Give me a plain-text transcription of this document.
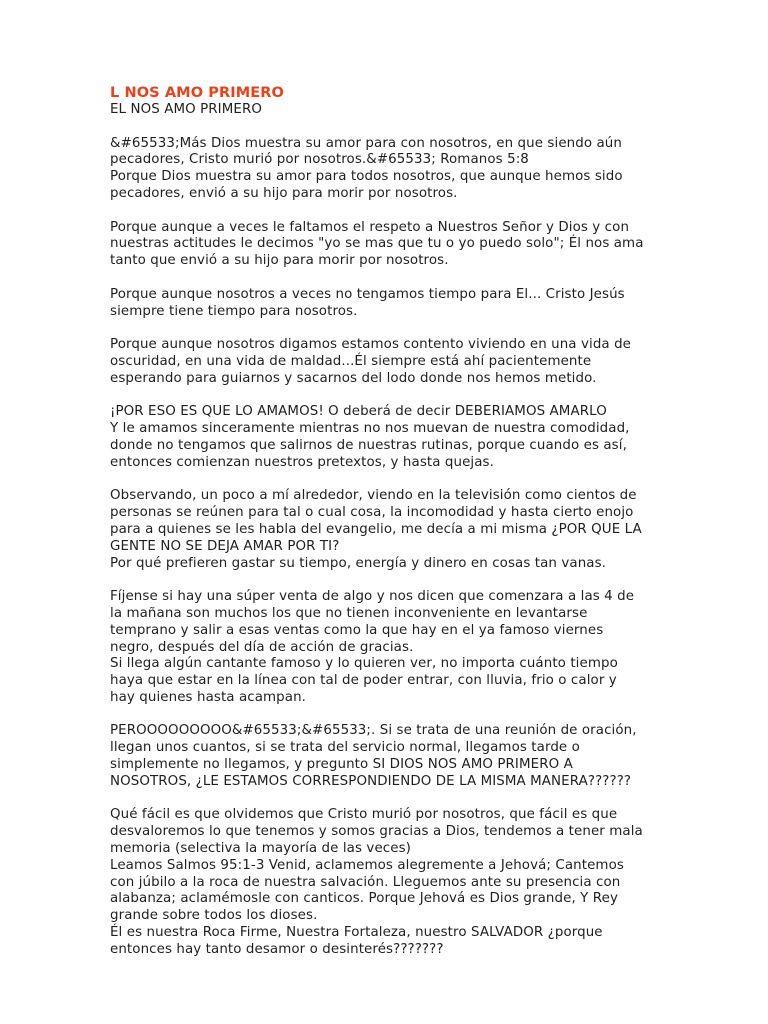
L NOS AMO PRIMERO

EL NOS AMO PRIMERO

&#65533;Más Dios muestra su amor para con nosotros, en que siendo aún
pecadores, Cristo murió por nosotros.&#65533; Romanos 5:8
Porque Dios muestra su amor para todos nosotros, que aunque hemos sido
pecadores, envió a su hijo para morir por nosotros.

Porque aunque a veces le faltamos el respeto a Nuestros Señor y Dios y con
nuestras actitudes le decimos "yo se mas que tu o yo puedo solo"; Él nos ama
tanto que envió a su hijo para morir por nosotros.

Porque aunque nosotros a veces no tengamos tiempo para El... Cristo Jesús
siempre tiene tiempo para nosotros.

Porque aunque nosotros digamos estamos contento viviendo en una vida de
oscuridad, en una vida de maldad...Él siempre está ahí pacientemente
esperando para guiarnos y sacarnos del lodo donde nos hemos metido.

¡POR ESO ES QUE LO AMAMOS! O deberá de decir DEBERIAMOS AMARLO
Y le amamos sinceramente mientras no nos muevan de nuestra comodidad,
donde no tengamos que salirnos de nuestras rutinas, porque cuando es así,
entonces comienzan nuestros pretextos, y hasta quejas.

Observando, un poco a mí alrededor, viendo en la televisión como cientos de
personas se reúnen para tal o cual cosa, la incomodidad y hasta cierto enojo
para a quienes se les habla del evangelio, me decía a mi misma ¿POR QUE LA
GENTE NO SE DEJA AMAR POR TI?
Por qué prefieren gastar su tiempo, energía y dinero en cosas tan vanas.

Fíjense si hay una súper venta de algo y nos dicen que comenzara a las 4 de
la mañana son muchos los que no tienen inconveniente en levantarse
temprano y salir a esas ventas como la que hay en el ya famoso viernes
negro, después del día de acción de gracias.
Si llega algún cantante famoso y lo quieren ver, no importa cuánto tiempo
haya que estar en la línea con tal de poder entrar, con lluvia, frio o calor y
hay quienes hasta acampan.

PEROOOOOOOOO&#65533;&#65533;. Si se trata de una reunión de oración,
llegan unos cuantos, si se trata del servicio normal, llegamos tarde o
simplemente no llegamos, y pregunto SI DIOS NOS AMO PRIMERO A
NOSOTROS, ¿LE ESTAMOS CORRESPONDIENDO DE LA MISMA MANERA??????

Qué fácil es que olvidemos que Cristo murió por nosotros, que fácil es que
desvaloremos lo que tenemos y somos gracias a Dios, tendemos a tener mala
memoria (selectiva la mayoría de las veces)
Leamos Salmos 95:1-3 Venid, aclamemos alegremente a Jehová; Cantemos
con júbilo a la roca de nuestra salvación. Lleguemos ante su presencia con
alabanza; aclamémosle con canticos. Porque Jehová es Dios grande, Y Rey
grande sobre todos los dioses.
Él es nuestra Roca Firme, Nuestra Fortaleza, nuestro SALVADOR ¿porque
entonces hay tanto desamor o desinterés???????
